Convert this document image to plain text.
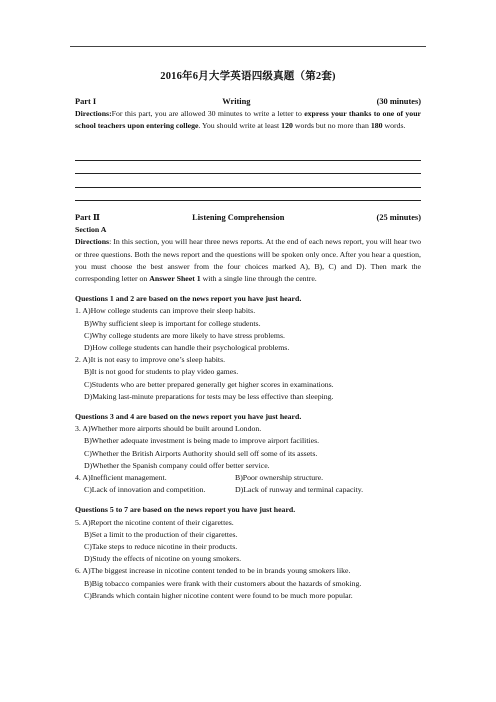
2016年6月大学英语四级真题（第2套)
Part I	Writing	(30 minutes)
Directions:For this part, you are allowed 30 minutes to write a letter to express your thanks to one of your school teachers upon entering college. You should write at least 120 words but no more than 180 words.
Part Ⅱ	Listening Comprehension	(25 minutes)
Section A
Directions: In this section, you will hear three news reports. At the end of each news report, you will hear two or three questions. Both the news report and the questions will be spoken only once. After you hear a question, you must choose the best answer from the four choices marked A), B), C) and D). Then mark the corresponding letter on Answer Sheet 1 with a single line through the centre.
Questions 1 and 2 are based on the news report you have just heard.
1. A)How college students can improve their sleep habits.
B)Why sufficient sleep is important for college students.
C)Why college students are more likely to have stress problems.
D)How college students can handle their psychological problems.
2. A)It is not easy to improve one’s sleep habits.
B)It is not good for students to play video games.
C)Students who are better prepared generally get higher scores in examinations.
D)Making last-minute preparations for tests may be less effective than sleeping.
Questions 3 and 4 are based on the news report you have just heard.
3. A)Whether more airports should be built around London.
B)Whether adequate investment is being made to improve airport facilities.
C)Whether the British Airports Authority should sell off some of its assets.
D)Whether the Spanish company could offer better service.
4. A)Inefficient management.	B)Poor ownership structure.
C)Lack of innovation and competition.	D)Lack of runway and terminal capacity.
Questions 5 to 7 are based on the news report you have just heard.
5. A)Report the nicotine content of their cigarettes.
B)Set a limit to the production of their cigarettes.
C)Take steps to reduce nicotine in their products.
D)Study the effects of nicotine on young smokers.
6. A)The biggest increase in nicotine content tended to be in brands young smokers like.
B)Big tobacco companies were frank with their customers about the hazards of smoking.
C)Brands which contain higher nicotine content were found to be much more popular.
